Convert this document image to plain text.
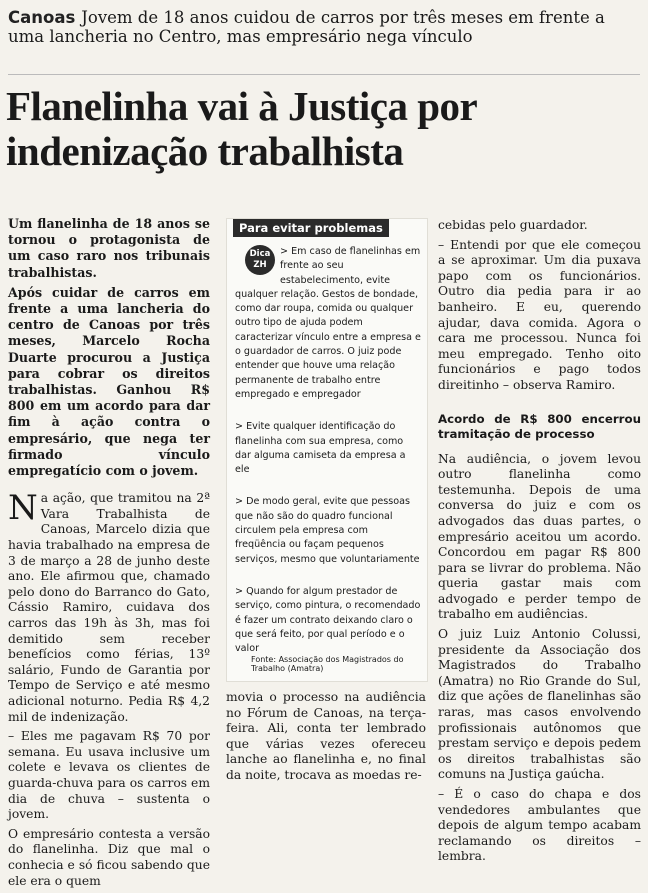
Canoas Jovem de 18 anos cuidou de carros por três meses em frente a uma lancheria no Centro, mas empresário nega vínculo
Flanelinha vai à Justiça por indenização trabalhista

Um flanelinha de 18 anos se tornou o protagonista de um caso raro nos tribunais trabalhistas.

Após cuidar de carros em frente a uma lancheria do centro de Canoas por três meses, Marcelo Rocha Duarte procurou a Justiça para cobrar os direitos trabalhistas. Ganhou R$ 800 em um acordo para dar fim à ação contra o empresário, que nega ter firmado vínculo empregatício com o jovem.

Na ação, que tramitou na 2ª Vara Trabalhista de Canoas, Marcelo dizia que havia trabalhado na empresa de 3 de março a 28 de junho deste ano. Ele afirmou que, chamado pelo dono do Barranco do Gato, Cássio Ramiro, cuidava dos carros das 19h às 3h, mas foi demitido sem receber benefícios como férias, 13º salário, Fundo de Garantia por Tempo de Serviço e até mesmo adicional noturno. Pedia R$ 4,2 mil de indenização.

– Eles me pagavam R$ 70 por semana. Eu usava inclusive um colete e levava os clientes de guarda-chuva para os carros em dia de chuva – sustenta o jovem.

O empresário contesta a versão do flanelinha. Diz que mal o conhecia e só ficou sabendo que ele era o quem

Para evitar problemas

Dica
ZH
> Em caso de flanelinhas em frente ao seu estabelecimento, evite qualquer relação. Gestos de bondade, como dar roupa, comida ou qualquer outro tipo de ajuda podem caracterizar vínculo entre a empresa e o guardador de carros. O juiz pode entender que houve uma relação permanente de trabalho entre empregado e empregador

> Evite qualquer identificação do flanelinha com sua empresa, como dar alguma camiseta da empresa a ele

> De modo geral, evite que pessoas que não são do quadro funcional circulem pela empresa com freqüência ou façam pequenos serviços, mesmo que voluntariamente

> Quando for algum prestador de serviço, como pintura, o recomendado é fazer um contrato deixando claro o que será feito, por qual período e o valor

Fonte: Associação dos Magistrados do Trabalho (Amatra)
movia o processo na audiência no Fórum de Canoas, na terça-feira. Ali, conta ter lembrado que várias vezes ofereceu lanche ao flanelinha e, no final da noite, trocava as moedas re-

cebidas pelo guardador.

– Entendi por que ele começou a se aproximar. Um dia puxava papo com os funcionários. Outro dia pedia para ir ao banheiro. E eu, querendo ajudar, dava comida. Agora o cara me processou. Nunca foi meu empregado. Tenho oito funcionários e pago todos direitinho – observa Ramiro.

Acordo de R$ 800 encerrou tramitação de processo

Na audiência, o jovem levou outro flanelinha como testemunha. Depois de uma conversa do juiz e com os advogados das duas partes, o empresário aceitou um acordo. Concordou em pagar R$ 800 para se livrar do problema. Não queria gastar mais com advogado e perder tempo de trabalho em audiências.

O juiz Luiz Antonio Colussi, presidente da Associação dos Magistrados do Trabalho (Amatra) no Rio Grande do Sul, diz que ações de flanelinhas são raras, mas casos envolvendo profissionais autônomos que prestam serviço e depois pedem os direitos trabalhistas são comuns na Justiça gaúcha.

– É o caso do chapa e dos vendedores ambulantes que depois de algum tempo acabam reclamando os direitos – lembra.
